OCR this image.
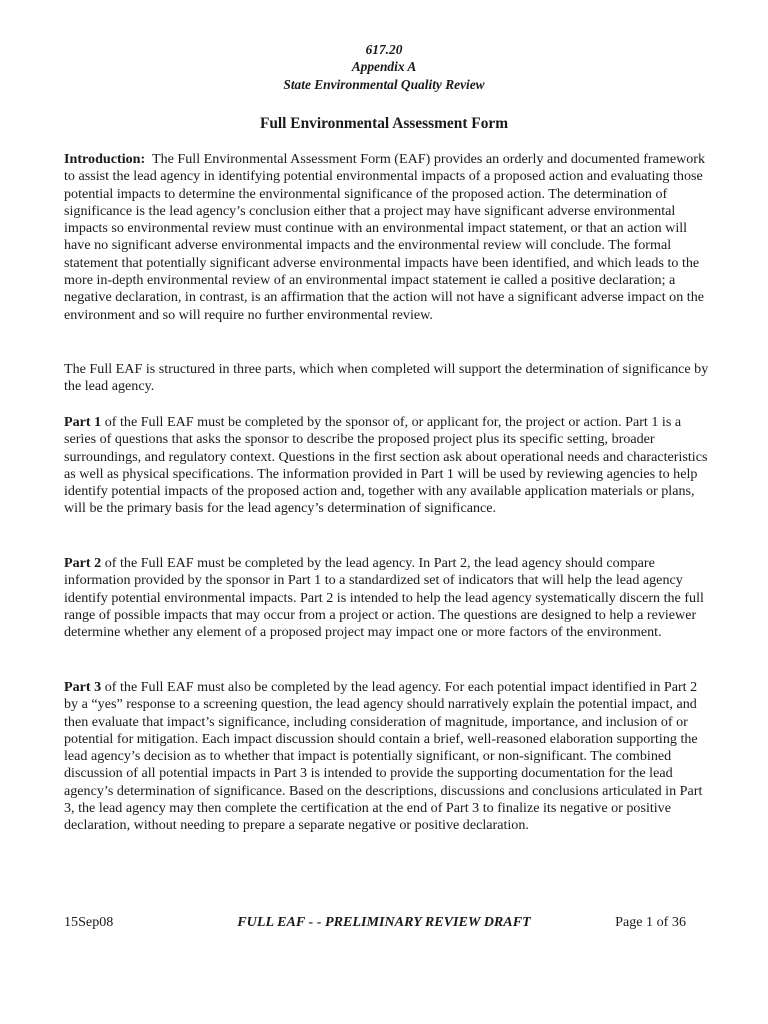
617.20
Appendix A
State Environmental Quality Review
Full Environmental Assessment Form

Introduction: The Full Environmental Assessment Form (EAF) provides an orderly and documented framework to assist the lead agency in identifying potential environmental impacts of a proposed action and evaluating those potential impacts to determine the environmental significance of the proposed action. The determination of significance is the lead agency’s conclusion either that a project may have significant adverse environmental impacts so environmental review must continue with an environmental impact statement, or that an action will have no significant adverse environmental impacts and the environmental review will conclude. The formal statement that potentially significant adverse environmental impacts have been identified, and which leads to the more in-depth environmental review of an environmental impact statement ie called a positive declaration; a negative declaration, in contrast, is an affirmation that the action will not have a significant adverse impact on the environment and so will require no further environmental review.

The Full EAF is structured in three parts, which when completed will support the determination of significance by the lead agency.

Part 1 of the Full EAF must be completed by the sponsor of, or applicant for, the project or action. Part 1 is a series of questions that asks the sponsor to describe the proposed project plus its specific setting, broader surroundings, and regulatory context. Questions in the first section ask about operational needs and characteristics as well as physical specifications. The information provided in Part 1 will be used by reviewing agencies to help identify potential impacts of the proposed action and, together with any available application materials or plans, will be the primary basis for the lead agency’s determination of significance.

Part 2 of the Full EAF must be completed by the lead agency. In Part 2, the lead agency should compare information provided by the sponsor in Part 1 to a standardized set of indicators that will help the lead agency identify potential environmental impacts. Part 2 is intended to help the lead agency systematically discern the full range of possible impacts that may occur from a project or action. The questions are designed to help a reviewer determine whether any element of a proposed project may impact one or more factors of the environment.

Part 3 of the Full EAF must also be completed by the lead agency. For each potential impact identified in Part 2 by a “yes” response to a screening question, the lead agency should narratively explain the potential impact, and then evaluate that impact’s significance, including consideration of magnitude, importance, and inclusion of or potential for mitigation. Each impact discussion should contain a brief, well-reasoned elaboration supporting the lead agency’s decision as to whether that impact is potentially significant, or non-significant. The combined discussion of all potential impacts in Part 3 is intended to provide the supporting documentation for the lead agency’s determination of significance. Based on the descriptions, discussions and conclusions articulated in Part 3, the lead agency may then complete the certification at the end of Part 3 to finalize its negative or positive declaration, without needing to prepare a separate negative or positive declaration.

15Sep08	FULL EAF - - PRELIMINARY REVIEW DRAFT	Page 1 of 36
